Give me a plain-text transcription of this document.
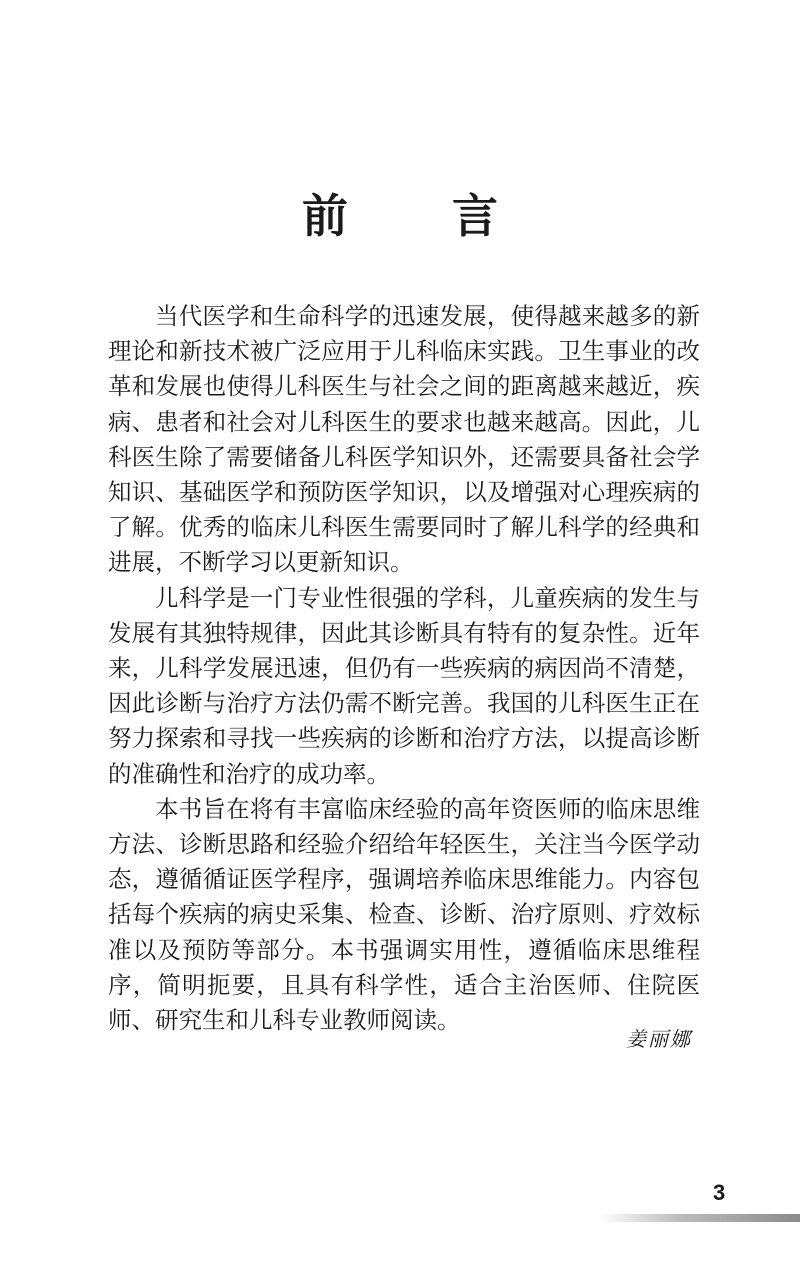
前 言

当代医学和生命科学的迅速发展，使得越来越多的新理论和新技术被广泛应用于儿科临床实践。卫生事业的改革和发展也使得儿科医生与社会之间的距离越来越近，疾病、患者和社会对儿科医生的要求也越来越高。因此，儿科医生除了需要储备儿科医学知识外，还需要具备社会学知识、基础医学和预防医学知识，以及增强对心理疾病的了解。优秀的临床儿科医生需要同时了解儿科学的经典和进展，不断学习以更新知识。

儿科学是一门专业性很强的学科，儿童疾病的发生与发展有其独特规律，因此其诊断具有特有的复杂性。近年来，儿科学发展迅速，但仍有一些疾病的病因尚不清楚，因此诊断与治疗方法仍需不断完善。我国的儿科医生正在努力探索和寻找一些疾病的诊断和治疗方法，以提高诊断的准确性和治疗的成功率。

本书旨在将有丰富临床经验的高年资医师的临床思维方法、诊断思路和经验介绍给年轻医生，关注当今医学动态，遵循循证医学程序，强调培养临床思维能力。内容包括每个疾病的病史采集、检查、诊断、治疗原则、疗效标准以及预防等部分。本书强调实用性，遵循临床思维程序，简明扼要，且具有科学性，适合主治医师、住院医师、研究生和儿科专业教师阅读。

姜丽娜
3
